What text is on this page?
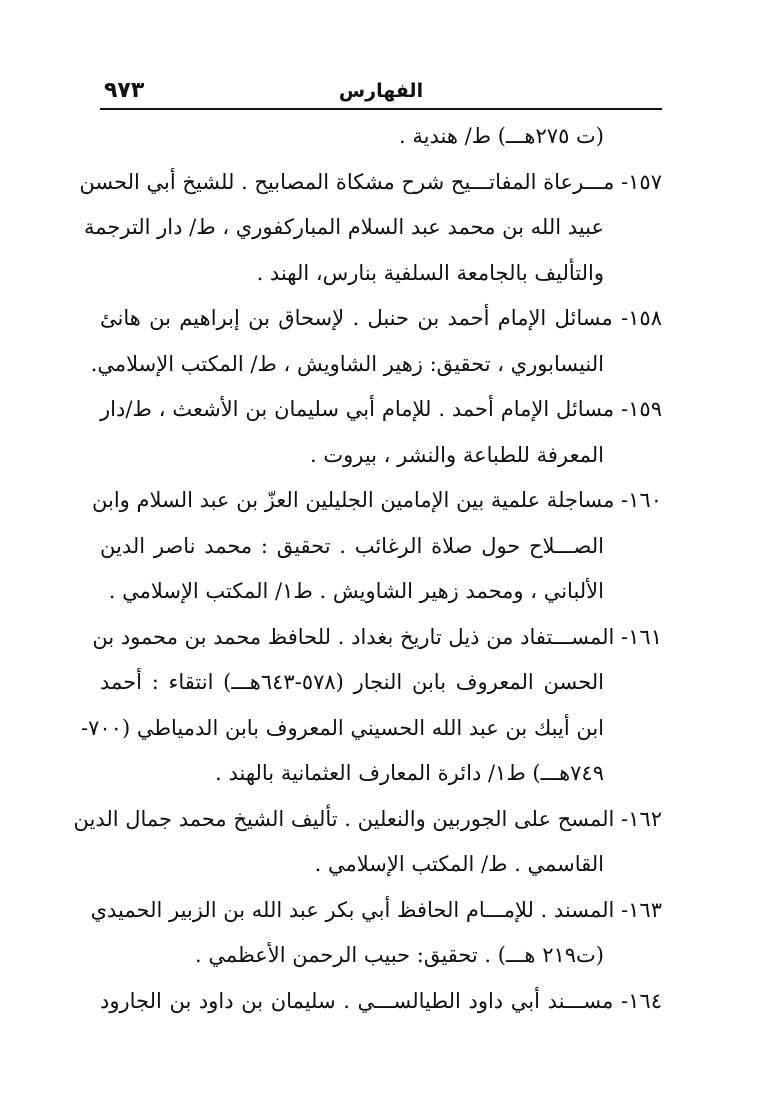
٩٧٣	الفهارس
(ت ٢٧٥هـــ) ط/ هندية .
١٥٧- مـــرعاة المفاتـــيح شرح مشكاة المصابيح . للشيخ أبي الحسن
عبيد الله بن محمد عبد السلام المباركفوري ، ط/ دار الترجمة
والتأليف بالجامعة السلفية بنارس، الهند .
١٥٨- مسائل الإمام أحمد بن حنبل . لإسحاق بن إبراهيم بن هانئ
النيسابوري ، تحقيق: زهير الشاويش ، ط/ المكتب الإسلامي.
١٥٩- مسائل الإمام أحمد . للإمام أبي سليمان بن الأشعث ، ط/دار
المعرفة للطباعة والنشر ، بيروت .
١٦٠- مساجلة علمية بين الإمامين الجليلين العزّ بن عبد السلام وابن
الصـــلاح حول صلاة الرغائب . تحقيق : محمد ناصر الدين
الألباني ، ومحمد زهير الشاويش . ط١/ المكتب الإسلامي .
١٦١- المســـتفاد من ذيل تاريخ بغداد . للحافظ محمد بن محمود بن
الحسن المعروف بابن النجار (٥٧٨-٦٤٣هـــ) انتقاء : أحمد
ابن أيبك بن عبد الله الحسيني المعروف بابن الدمياطي (٧٠٠-
٧٤٩هـــ) ط١/ دائرة المعارف العثمانية بالهند .
١٦٢- المسح على الجوربين والنعلين . تأليف الشيخ محمد جمال الدين
القاسمي . ط/ المكتب الإسلامي .
١٦٣- المسند . للإمـــام الحافظ أبي بكر عبد الله بن الزبير الحميدي
(ت٢١٩ هـــ) . تحقيق: حبيب الرحمن الأعظمي .
١٦٤- مســـند أبي داود الطيالســـي . سليمان بن داود بن الجارود
